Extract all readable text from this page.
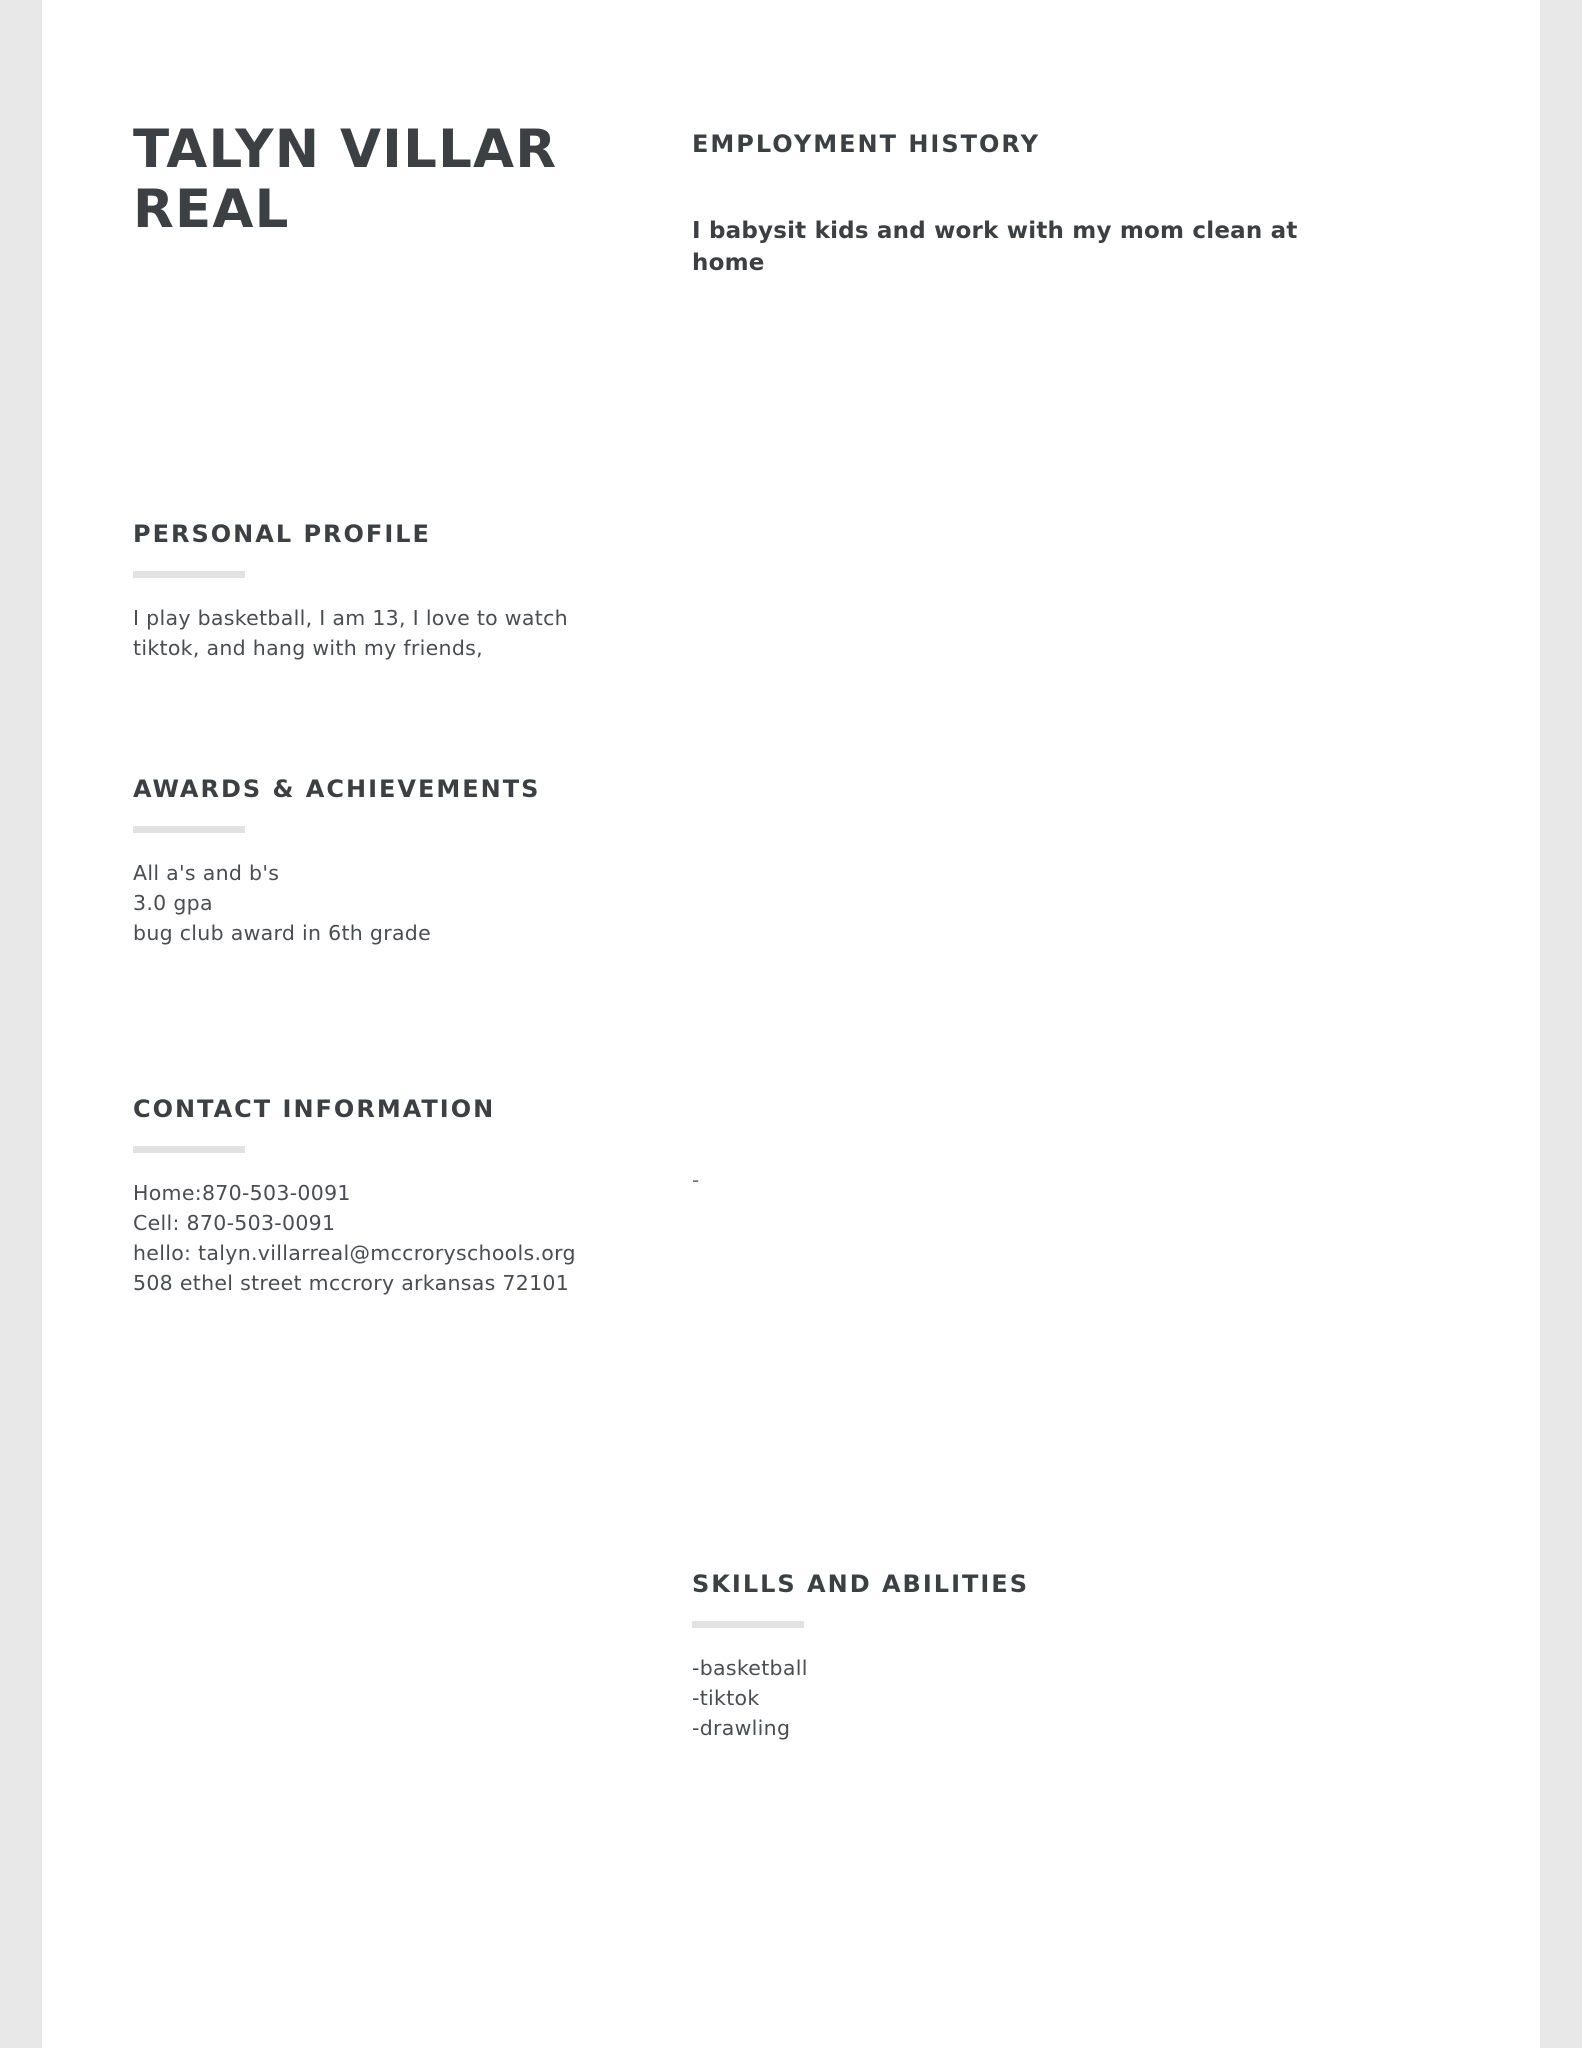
TALYN VILLARREAL
PERSONAL PROFILE
I play basketball, I am 13, I love to watch
tiktok, and hang with my friends,
AWARDS & ACHIEVEMENTS
All a's and b's
3.0 gpa
bug club award in 6th grade
CONTACT INFORMATION
Home:870-503-0091
Cell: 870-503-0091
hello: talyn.villarreal@mccroryschools.org
508 ethel street mccrory arkansas 72101
EMPLOYMENT HISTORY
I babysit kids and work with my mom clean at home
-
SKILLS AND ABILITIES
-basketball
-tiktok
-drawling
